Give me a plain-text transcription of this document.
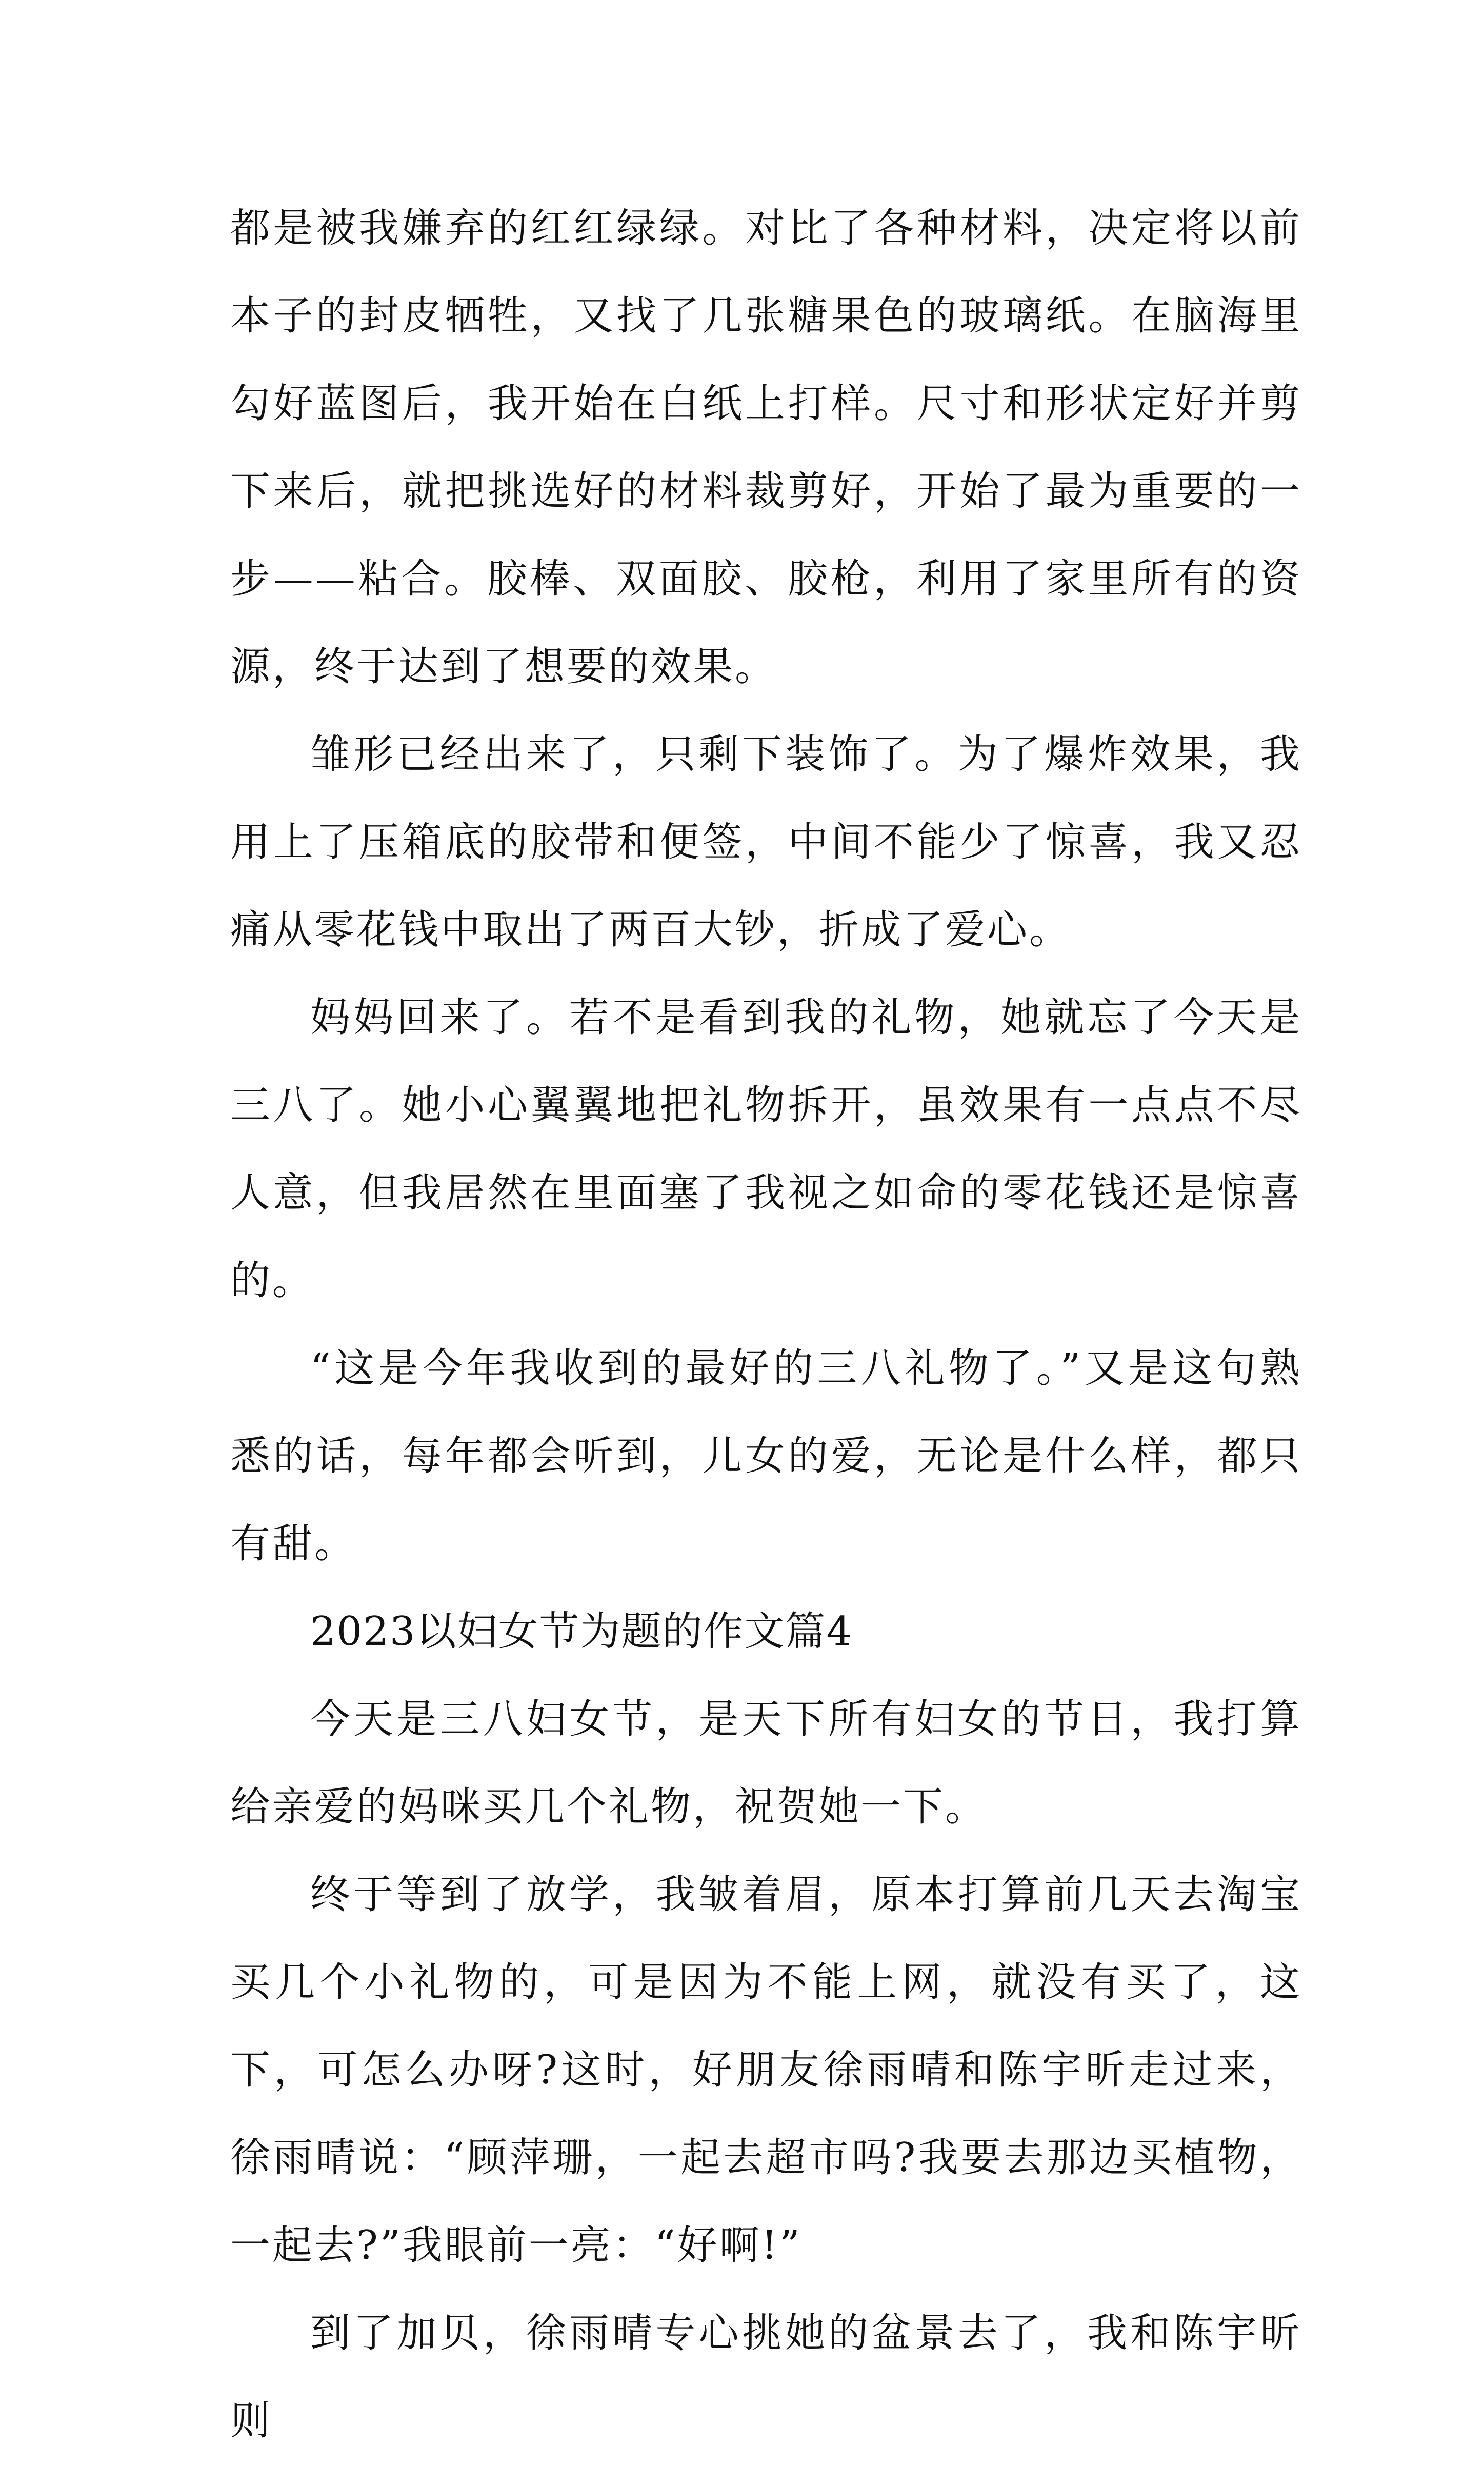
都是被我嫌弃的红红绿绿。对比了各种材料，决定将以前本子的封皮牺牲，又找了几张糖果色的玻璃纸。在脑海里勾好蓝图后，我开始在白纸上打样。尺寸和形状定好并剪下来后，就把挑选好的材料裁剪好，开始了最为重要的一步——粘合。胶棒、双面胶、胶枪，利用了家里所有的资源，终于达到了想要的效果。

雏形已经出来了，只剩下装饰了。为了爆炸效果，我用上了压箱底的胶带和便签，中间不能少了惊喜，我又忍痛从零花钱中取出了两百大钞，折成了爱心。

妈妈回来了。若不是看到我的礼物，她就忘了今天是三八了。她小心翼翼地把礼物拆开，虽效果有一点点不尽人意，但我居然在里面塞了我视之如命的零花钱还是惊喜的。

“这是今年我收到的最好的三八礼物了。”又是这句熟悉的话，每年都会听到，儿女的爱，无论是什么样，都只有甜。

2023以妇女节为题的作文篇4

今天是三八妇女节，是天下所有妇女的节日，我打算给亲爱的妈咪买几个礼物，祝贺她一下。

终于等到了放学，我皱着眉，原本打算前几天去淘宝买几个小礼物的，可是因为不能上网，就没有买了，这下，可怎么办呀?这时，好朋友徐雨晴和陈宇昕走过来，徐雨晴说：“顾萍珊，一起去超市吗?我要去那边买植物，一起去?”我眼前一亮：“好啊!”

到了加贝，徐雨晴专心挑她的盆景去了，我和陈宇昕则
